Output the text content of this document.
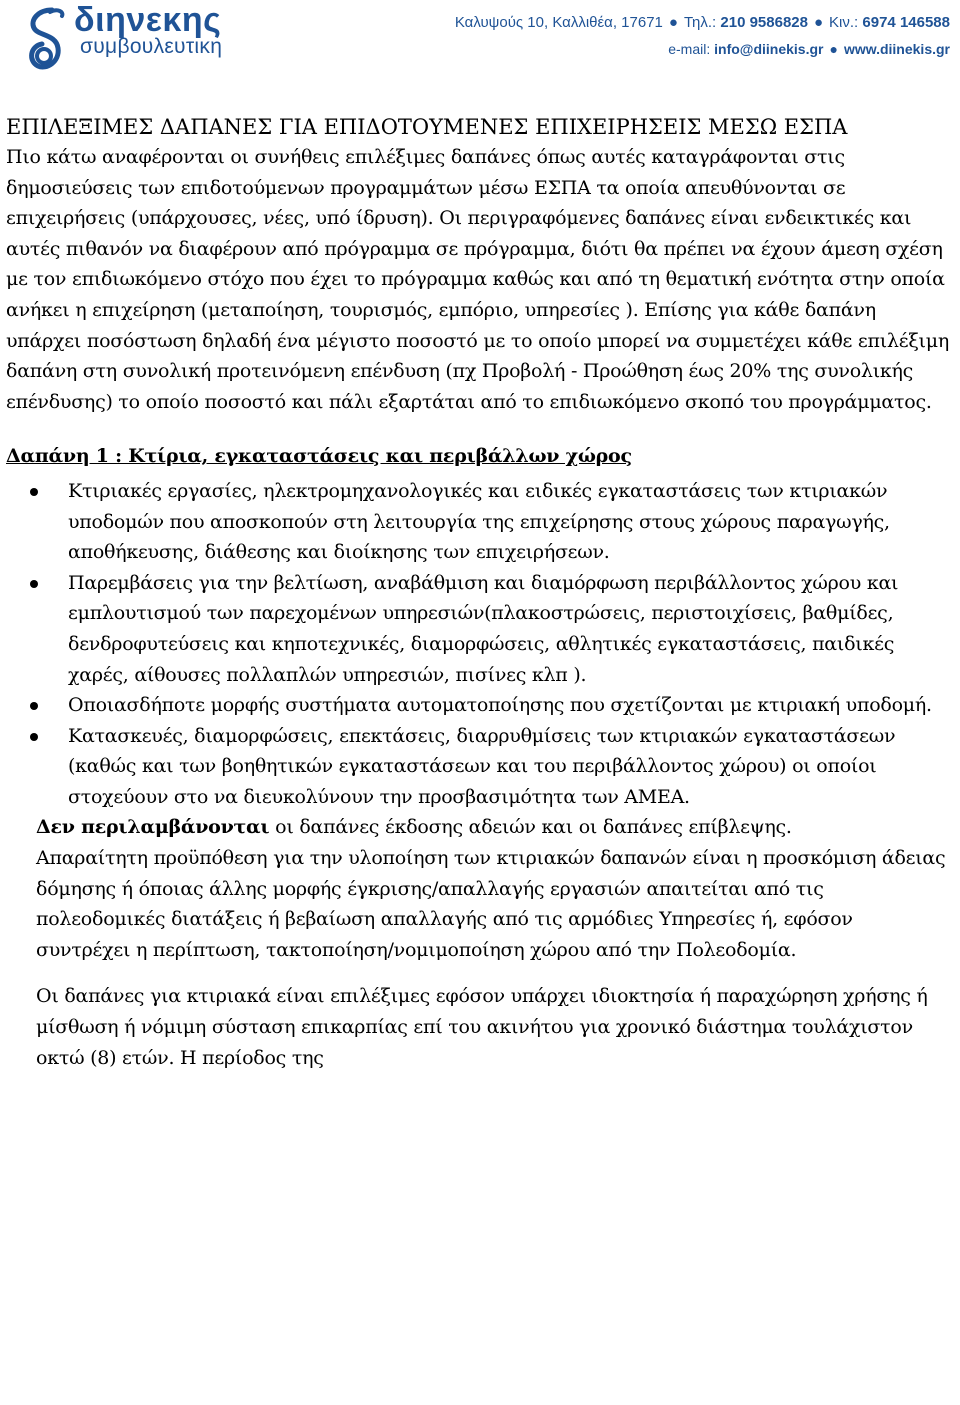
διηνεκης
συμβουλευτικη
Καλυψούς 10, Καλλιθέα, 17671 ● Τηλ.: 210 9586828 ● Κιν.: 6974 146588
e-mail: info@diinekis.gr ● www.diinekis.gr
ΕΠΙΛΕΞΙΜΕΣ ΔΑΠΑΝΕΣ ΓΙΑ ΕΠΙΔΟΤΟΥΜΕΝΕΣ ΕΠΙΧΕΙΡΗΣΕΙΣ ΜΕΣΩ ΕΣΠΑ

Πιο κάτω αναφέρονται οι συνήθεις επιλέξιμες δαπάνες όπως αυτές καταγράφονται στις δημοσιεύσεις των επιδοτούμενων προγραμμάτων μέσω ΕΣΠΑ τα οποία απευθύνονται σε επιχειρήσεις (υπάρχουσες, νέες, υπό ίδρυση). Οι περιγραφόμενες δαπάνες είναι ενδεικτικές και αυτές πιθανόν να διαφέρουν από πρόγραμμα σε πρόγραμμα, διότι θα πρέπει να έχουν άμεση σχέση με τον επιδιωκόμενο στόχο που έχει το πρόγραμμα καθώς και από τη θεματική ενότητα στην οποία ανήκει η επιχείρηση (μεταποίηση, τουρισμός, εμπόριο, υπηρεσίες ). Επίσης για κάθε δαπάνη υπάρχει ποσόστωση δηλαδή ένα μέγιστο ποσοστό με το οποίο μπορεί να συμμετέχει κάθε επιλέξιμη δαπάνη στη συνολική προτεινόμενη επένδυση (πχ Προβολή - Προώθηση έως 20% της συνολικής επένδυσης) το οποίο ποσοστό και πάλι εξαρτάται από το επιδιωκόμενο σκοπό του προγράμματος.

Δαπάνη 1 : Κτίρια, εγκαταστάσεις και περιβάλλων χώρος
Κτιριακές εργασίες, ηλεκτρομηχανολογικές και ειδικές εγκαταστάσεις των κτιριακών υποδομών που αποσκοπούν στη λειτουργία της επιχείρησης στους χώρους παραγωγής, αποθήκευσης, διάθεσης και διοίκησης των επιχειρήσεων.
Παρεμβάσεις για την βελτίωση, αναβάθμιση και διαμόρφωση περιβάλλοντος χώρου και εμπλουτισμού των παρεχομένων υπηρεσιών(πλακοστρώσεις, περιστοιχίσεις, βαθμίδες, δενδροφυτεύσεις και κηποτεχνικές, διαμορφώσεις, αθλητικές εγκαταστάσεις, παιδικές χαρές, αίθουσες πολλαπλών υπηρεσιών, πισίνες κλπ ).
Οποιασδήποτε μορφής συστήματα αυτοματοποίησης που σχετίζονται με κτιριακή υποδομή.
Κατασκευές, διαμορφώσεις, επεκτάσεις, διαρρυθμίσεις των κτιριακών εγκαταστάσεων (καθώς και των βοηθητικών εγκαταστάσεων και του περιβάλλοντος χώρου) οι οποίοι στοχεύουν στο να διευκολύνουν την προσβασιμότητα των ΑΜΕΑ.

Δεν περιλαμβάνονται οι δαπάνες έκδοσης αδειών και οι δαπάνες επίβλεψης.

Απαραίτητη προϋπόθεση για την υλοποίηση των κτιριακών δαπανών είναι η προσκόμιση άδειας δόμησης ή όποιας άλλης μορφής έγκρισης/απαλλαγής εργασιών απαιτείται από τις πολεοδομικές διατάξεις ή βεβαίωση απαλλαγής από τις αρμόδιες Υπηρεσίες ή, εφόσον συντρέχει η περίπτωση, τακτοποίηση/νομιμοποίηση χώρου από την Πολεοδομία.

Οι δαπάνες για κτιριακά είναι επιλέξιμες εφόσον υπάρχει ιδιοκτησία ή παραχώρηση χρήσης ή μίσθωση ή νόμιμη σύσταση επικαρπίας επί του ακινήτου για χρονικό διάστημα τουλάχιστον οκτώ (8) ετών. Η περίοδος της
